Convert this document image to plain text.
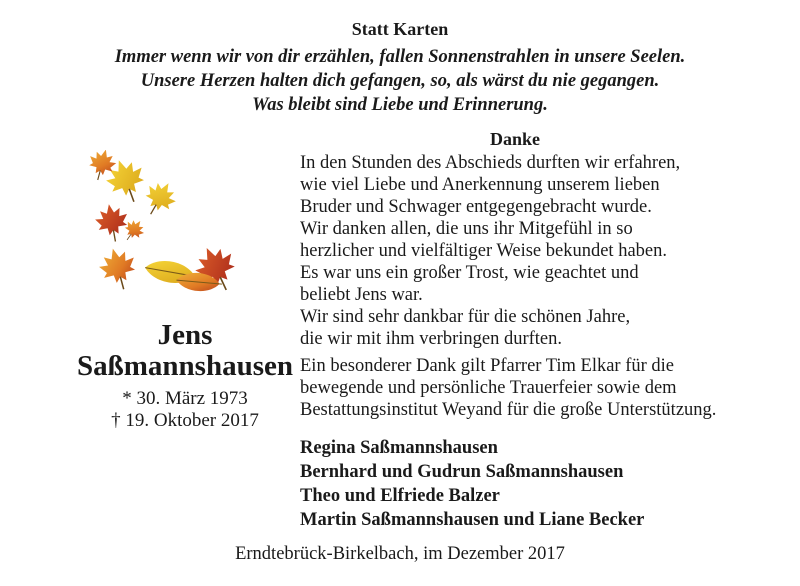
Statt Karten
Immer wenn wir von dir erzählen, fallen Sonnenstrahlen in unsere Seelen.
Unsere Herzen halten dich gefangen, so, als wärst du nie gegangen.
Was bleibt sind Liebe und Erinnerung.
Danke
Jens
Saßmannshausen
* 30. März 1973
† 19. Oktober 2017
In den Stunden des Abschieds durften wir erfahren,
wie viel Liebe und Anerkennung unserem lieben
Bruder und Schwager entgegengebracht wurde.
Wir danken allen, die uns ihr Mitgefühl in so
herzlicher und vielfältiger Weise bekundet haben.
Es war uns ein großer Trost, wie geachtet und
beliebt Jens war.
Wir sind sehr dankbar für die schönen Jahre,
die wir mit ihm verbringen durften.
Ein besonderer Dank gilt Pfarrer Tim Elkar für die
bewegende und persönliche Trauerfeier sowie dem
Bestattungsinstitut Weyand für die große Unterstützung.
Regina Saßmannshausen
Bernhard und Gudrun Saßmannshausen
Theo und Elfriede Balzer
Martin Saßmannshausen und Liane Becker
Erndtebrück-Birkelbach, im Dezember 2017
